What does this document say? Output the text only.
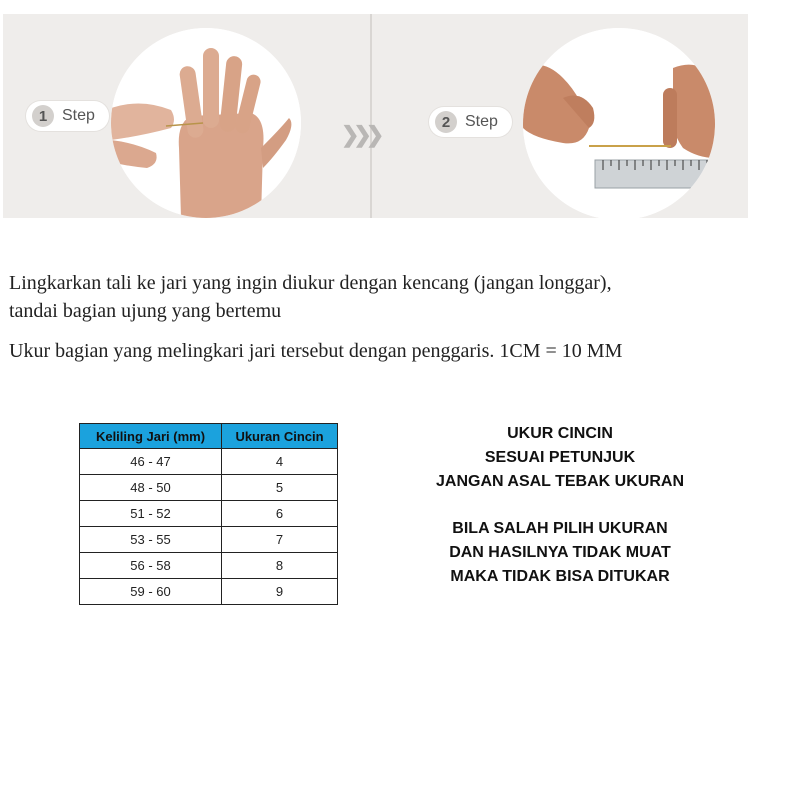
1 Step
❯❯❯	2 Step
Lingkarkan tali ke jari yang ingin diukur dengan kencang (jangan longgar),
tandai bagian ujung yang bertemu
Ukur bagian yang melingkari jari tersebut dengan penggaris. 1CM = 10 MM
Keliling Jari (mm)	Ukuran Cincin
46 - 47	4
48 - 50	5
51 - 52	6
53 - 55	7
56 - 58	8
59 - 60	9
UKUR CINCIN
SESUAI PETUNJUK
JANGAN ASAL TEBAK UKURAN
BILA SALAH PILIH UKURAN
DAN HASILNYA TIDAK MUAT
MAKA TIDAK BISA DITUKAR
